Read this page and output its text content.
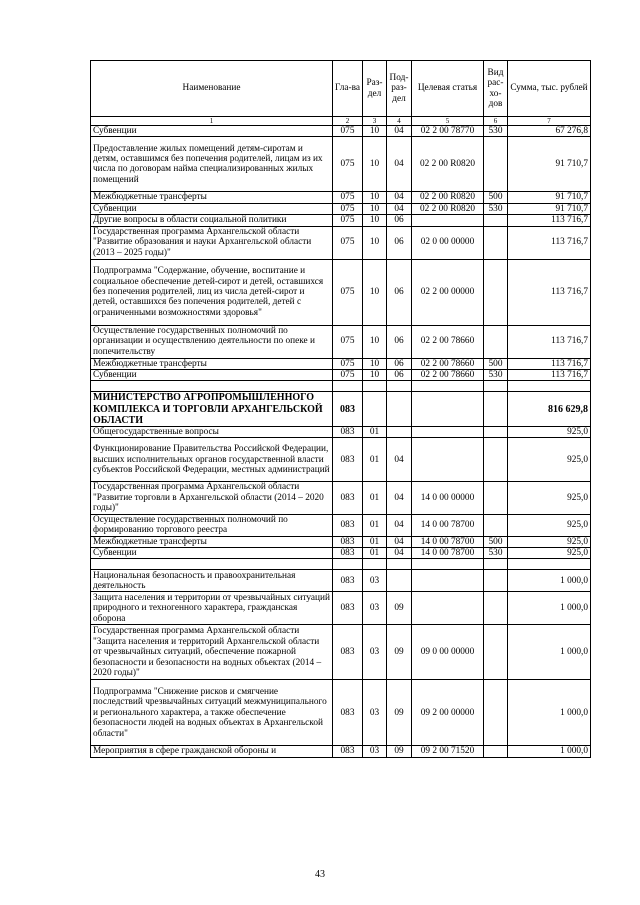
Наименование	Гла-ва	Раз-дел	Под-раз-дел	Целевая статья	Вид рас-хо-дов	Сумма, тыс. рублей
1	2	3	4	5	6	7
Субвенции	075	10	04	02 2 00 78770	530	67 276,8
Предоставление жилых помещений детям-сиротам и детям, оставшимся без попечения родителей, лицам из их числа по договорам найма специализированных жилых помещений	075	10	04	02 2 00 R0820		91 710,7
Межбюджетные трансферты	075	10	04	02 2 00 R0820	500	91 710,7
Субвенции	075	10	04	02 2 00 R0820	530	91 710,7
Другие вопросы в области социальной политики	075	10	06			113 716,7
Государственная программа Архангельской области "Развитие образования и науки Архангельской области (2013 – 2025 годы)"	075	10	06	02 0 00 00000		113 716,7
Подпрограмма "Содержание, обучение, воспитание и социальное обеспечение детей-сирот и детей, оставшихся без попечения родителей, лиц из числа детей-сирот и детей, оставшихся без попечения родителей, детей с ограниченными возможностями здоровья"	075	10	06	02 2 00 00000		113 716,7
Осуществление государственных полномочий по организации и осуществлению деятельности по опеке и попечительству	075	10	06	02 2 00 78660		113 716,7
Межбюджетные трансферты	075	10	06	02 2 00 78660	500	113 716,7
Субвенции	075	10	06	02 2 00 78660	530	113 716,7

МИНИСТЕРСТВО АГРОПРОМЫШЛЕННОГО КОМПЛЕКСА И ТОРГОВЛИ АРХАНГЕЛЬСКОЙ ОБЛАСТИ	083					816 629,8
Общегосударственные вопросы	083	01				925,0
Функционирование Правительства Российской Федерации, высших исполнительных органов государственной власти субъектов Российской Федерации, местных администраций	083	01	04			925,0
Государственная программа Архангельской области "Развитие торговли в Архангельской области (2014 – 2020 годы)"	083	01	04	14 0 00 00000		925,0
Осуществление государственных полномочий по формированию торгового реестра	083	01	04	14 0 00 78700		925,0
Межбюджетные трансферты	083	01	04	14 0 00 78700	500	925,0
Субвенции	083	01	04	14 0 00 78700	530	925,0

Национальная безопасность и правоохранительная деятельность	083	03				1 000,0
Защита населения и территории от чрезвычайных ситуаций природного и техногенного характера, гражданская оборона	083	03	09			1 000,0
Государственная программа Архангельской области "Защита населения и территорий Архангельской области от чрезвычайных ситуаций, обеспечение пожарной безопасности и безопасности на водных объектах (2014 – 2020 годы)"	083	03	09	09 0 00 00000		1 000,0
Подпрограмма "Снижение рисков и смягчение последствий чрезвычайных ситуаций межмуниципального и регионального характера, а также обеспечение безопасности людей на водных объектах в Архангельской области"	083	03	09	09 2 00 00000		1 000,0
Мероприятия в сфере гражданской обороны и	083	03	09	09 2 00 71520		1 000,0
43
